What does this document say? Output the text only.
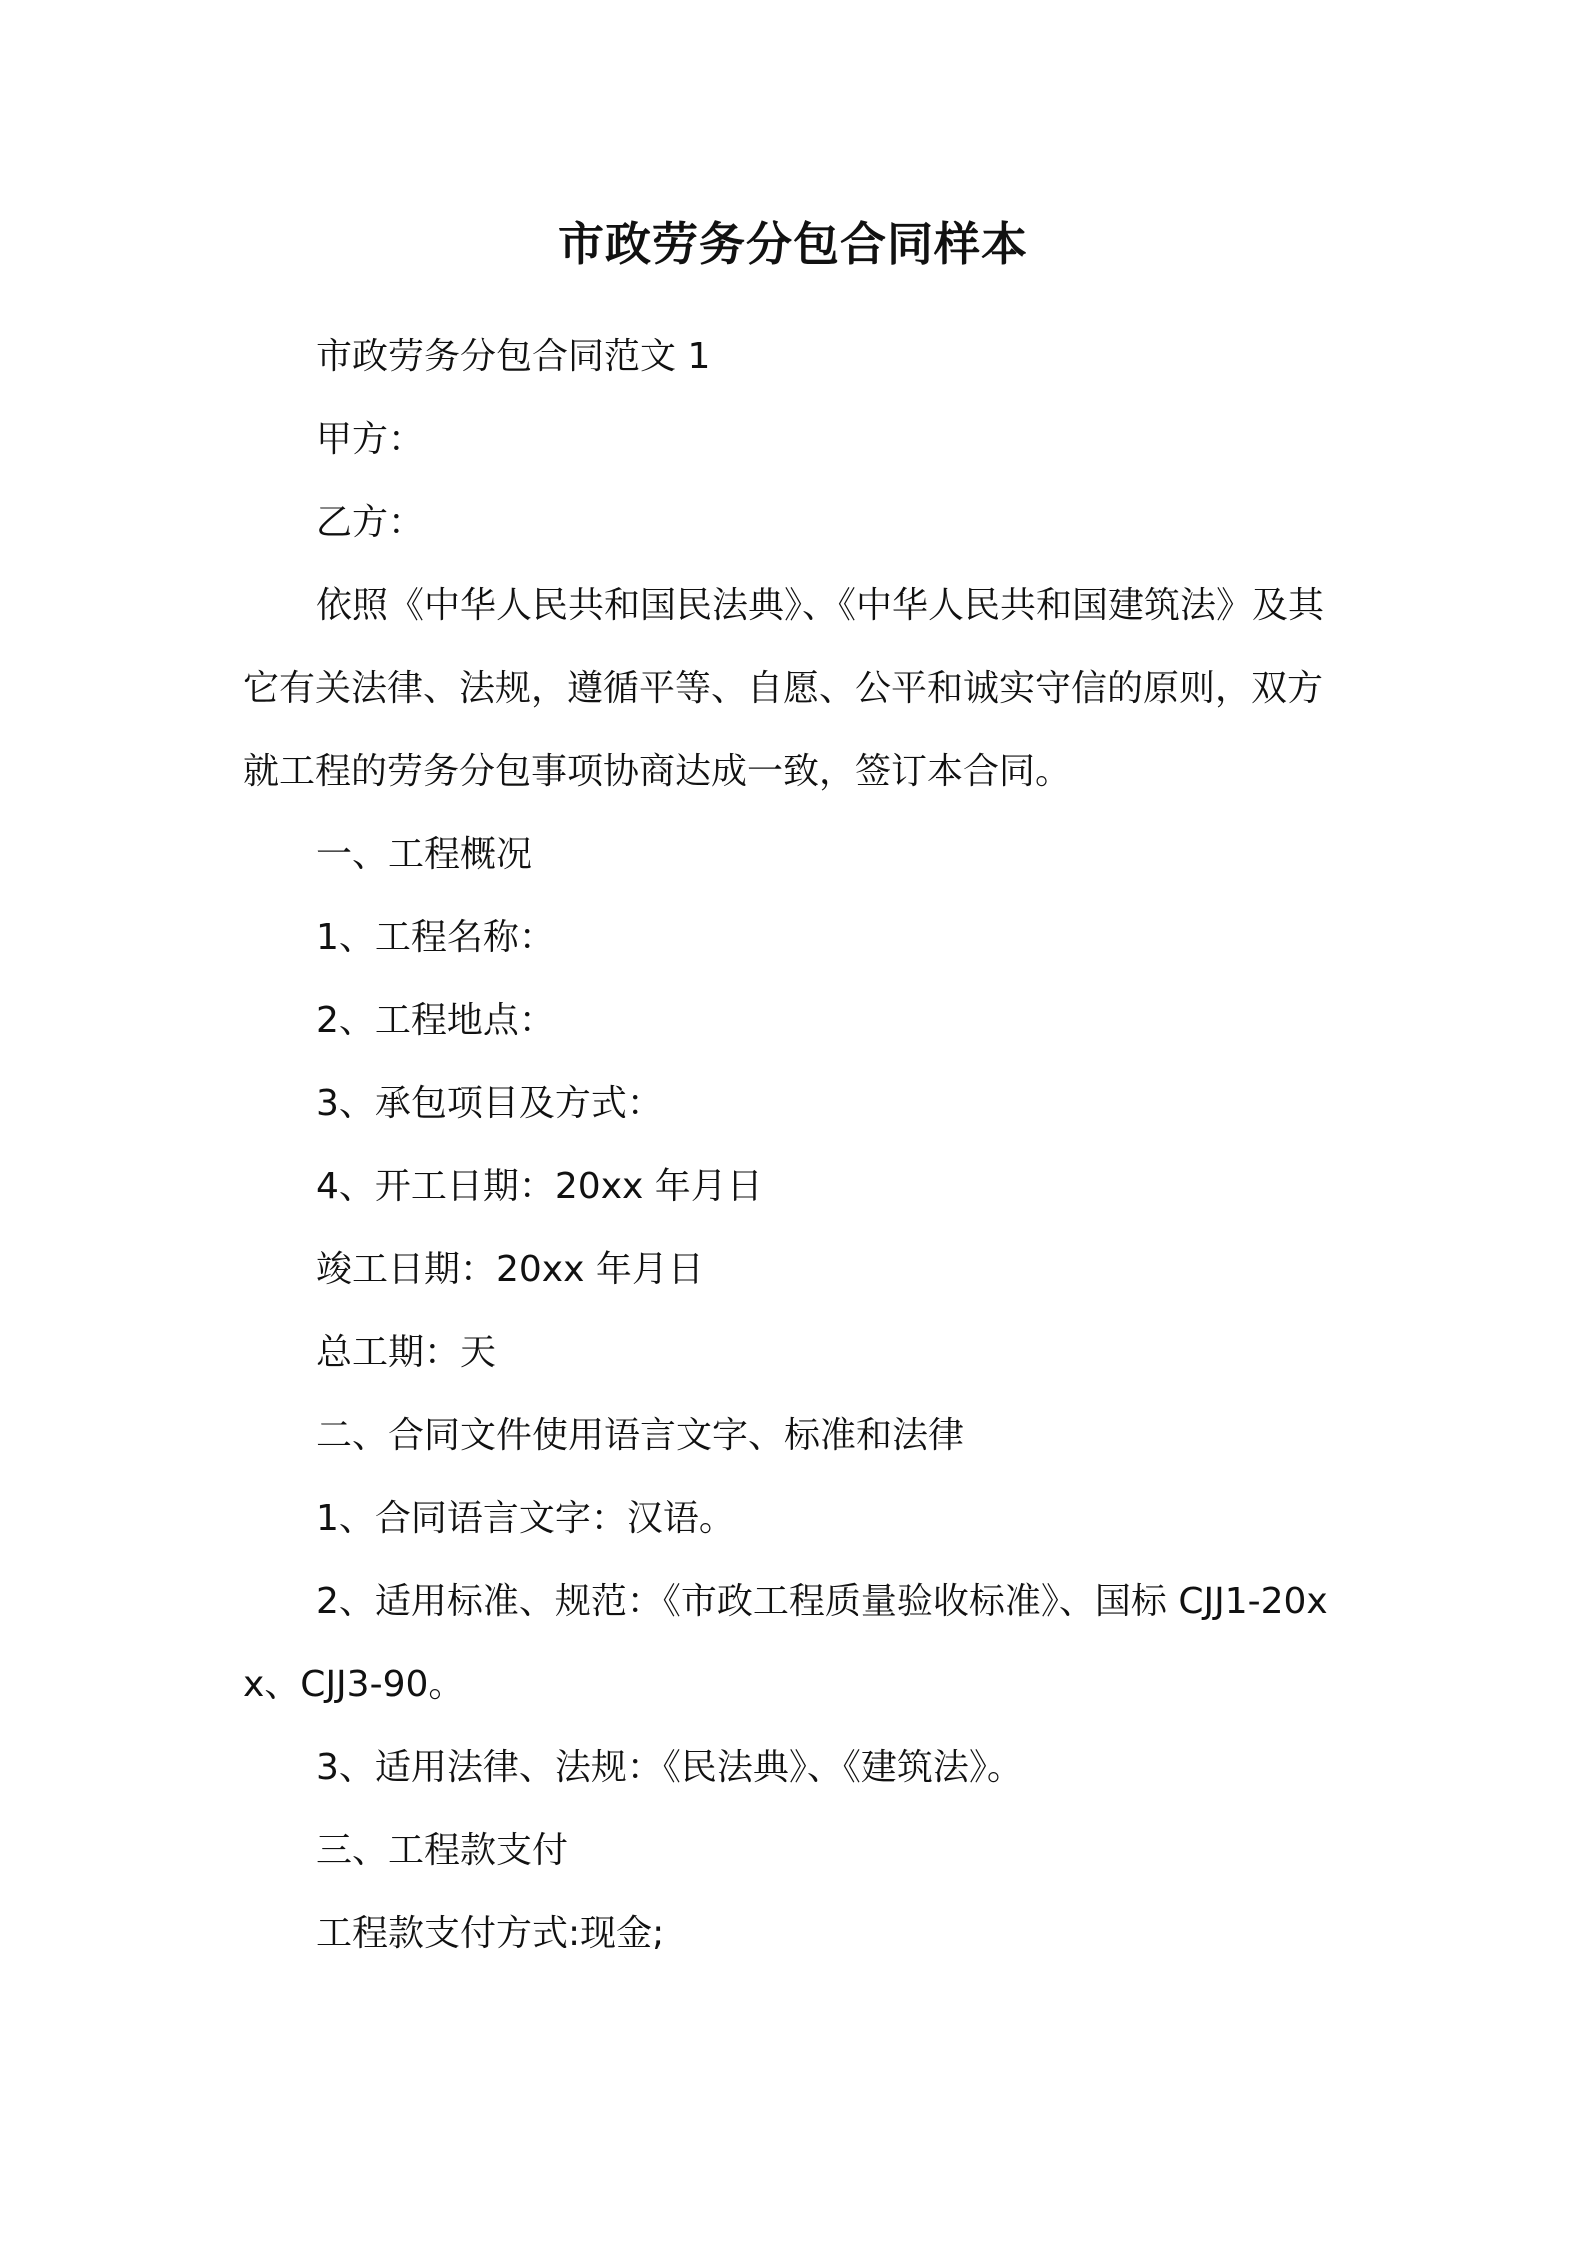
市政劳务分包合同样本

市政劳务分包合同范文 1

甲方：

乙方：

依照《中华人民共和国民法典》、《中华人民共和国建筑法》及其它有关法律、法规，遵循平等、自愿、公平和诚实守信的原则，双方就工程的劳务分包事项协商达成一致，签订本合同。

一、工程概况

1、工程名称：

2、工程地点：

3、承包项目及方式：

4、开工日期：20xx 年月日

竣工日期：20xx 年月日

总工期：天

二、合同文件使用语言文字、标准和法律

1、合同语言文字：汉语。

2、适用标准、规范：《市政工程质量验收标准》、国标 CJJ1-20xx、CJJ3-90。

3、适用法律、法规：《民法典》、《建筑法》。

三、工程款支付

工程款支付方式:现金;
